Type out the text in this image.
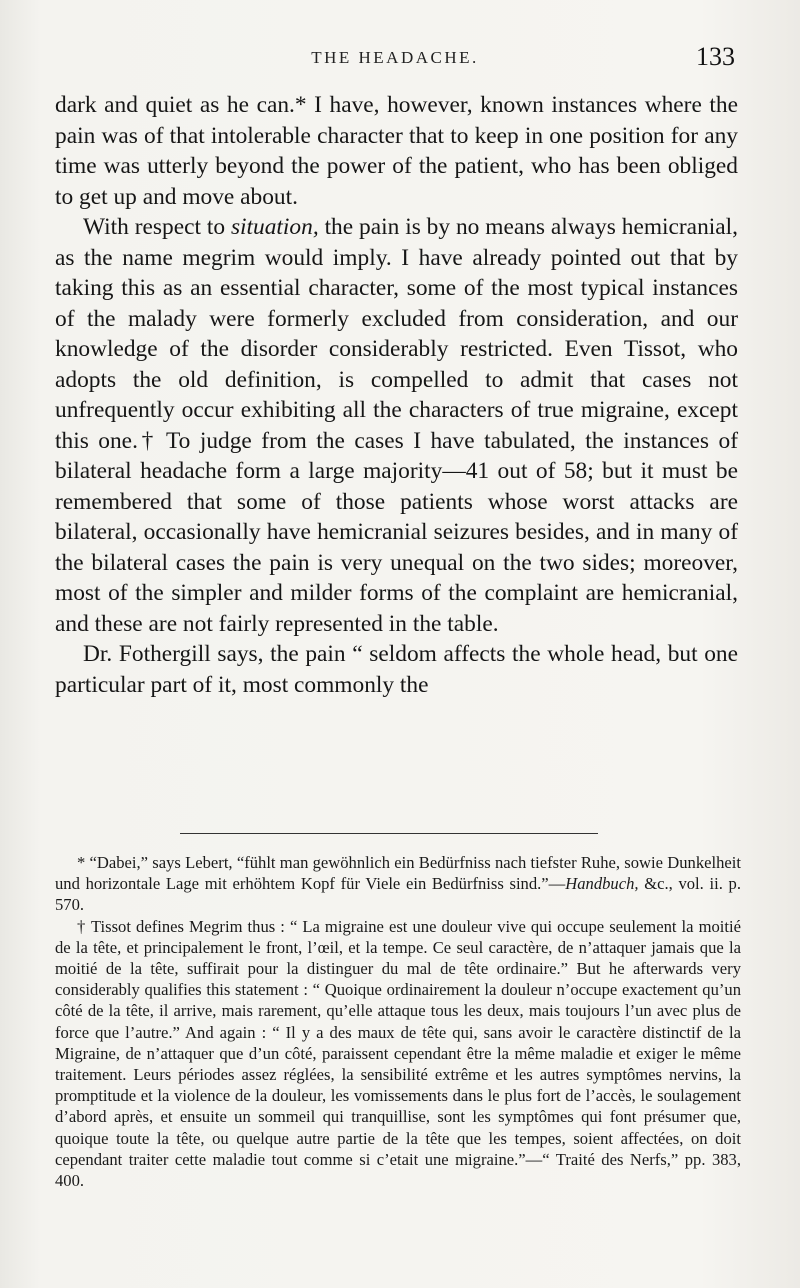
THE HEADACHE.	133

dark and quiet as he can.* I have, however, known instances where the pain was of that intolerable character that to keep in one position for any time was utterly beyond the power of the patient, who has been obliged to get up and move about.

With respect to situation, the pain is by no means always hemicranial, as the name megrim would imply. I have already pointed out that by taking this as an essential character, some of the most typical instances of the malady were formerly excluded from consideration, and our knowledge of the disorder considerably restricted. Even Tissot, who adopts the old definition, is compelled to admit that cases not unfrequently occur exhibiting all the characters of true migraine, except this one.† To judge from the cases I have tabulated, the instances of bilateral headache form a large majority—41 out of 58; but it must be remembered that some of those patients whose worst attacks are bilateral, occasionally have hemicranial seizures besides, and in many of the bilateral cases the pain is very unequal on the two sides; moreover, most of the simpler and milder forms of the complaint are hemicranial, and these are not fairly represented in the table.

Dr. Fothergill says, the pain “ seldom affects the whole head, but one particular part of it, most commonly the

* “Dabei,” says Lebert, “fühlt man gewöhnlich ein Bedürfniss nach tiefster Ruhe, sowie Dunkelheit und horizontale Lage mit erhöhtem Kopf für Viele ein Bedürfniss sind.”—Handbuch, &c., vol. ii. p. 570.

† Tissot defines Megrim thus : “ La migraine est une douleur vive qui occupe seulement la moitié de la tête, et principalement le front, l’œil, et la tempe. Ce seul caractère, de n’attaquer jamais que la moitié de la tête, suffirait pour la distinguer du mal de tête ordinaire.” But he afterwards very considerably qualifies this statement : “ Quoique ordinairement la douleur n’occupe exactement qu’un côté de la tête, il arrive, mais rarement, qu’elle attaque tous les deux, mais toujours l’un avec plus de force que l’autre.” And again : “ Il y a des maux de tête qui, sans avoir le caractère distinctif de la Migraine, de n’attaquer que d’un côté, paraissent cependant être la même maladie et exiger le même traitement. Leurs périodes assez réglées, la sensibilité extrême et les autres symptômes nervins, la promptitude et la violence de la douleur, les vomissements dans le plus fort de l’accès, le soulagement d’abord après, et ensuite un sommeil qui tranquillise, sont les symptômes qui font présumer que, quoique toute la tête, ou quelque autre partie de la tête que les tempes, soient affectées, on doit cependant traiter cette maladie tout comme si c’etait une migraine.”—“ Traité des Nerfs,” pp. 383, 400.
